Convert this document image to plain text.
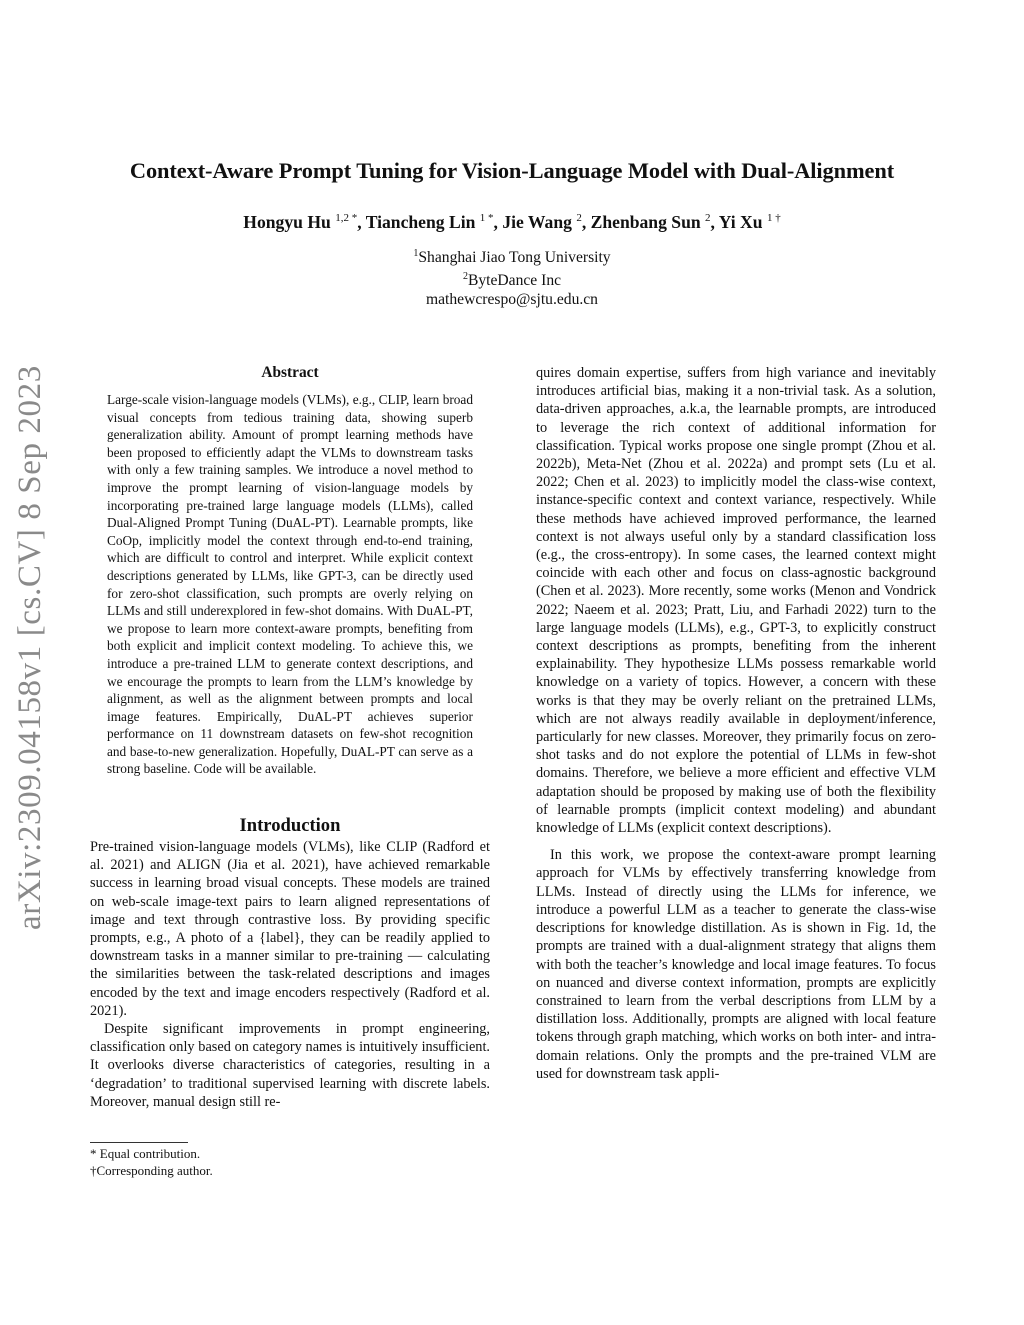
Context-Aware Prompt Tuning for Vision-Language Model with Dual-Alignment
Hongyu Hu $^{1,2 *}$, Tiancheng Lin $^{1 *}$, Jie Wang $^2$, Zhenbang Sun $^2$, Yi Xu $^{1 \dagger}$
$^1$Shanghai Jiao Tong University
$^2$ByteDance Inc
mathewcrespo@sjtu.edu.cn
arXiv:2309.04158v1 [cs.CV] 8 Sep 2023	Abstract

Large-scale vision-language models (VLMs), e.g., CLIP, learn broad visual concepts from tedious training data, showing superb generalization ability. Amount of prompt learning methods have been proposed to efficiently adapt the VLMs to downstream tasks with only a few training samples. We introduce a novel method to improve the prompt learning of vision-language models by incorporating pre-trained large language models (LLMs), called Dual-Aligned Prompt Tuning (DuAL-PT). Learnable prompts, like CoOp, implicitly model the context through end-to-end training, which are difficult to control and interpret. While explicit context descriptions generated by LLMs, like GPT-3, can be directly used for zero-shot classification, such prompts are overly relying on LLMs and still underexplored in few-shot domains. With DuAL-PT, we propose to learn more context-aware prompts, benefiting from both explicit and implicit context modeling. To achieve this, we introduce a pre-trained LLM to generate context descriptions, and we encourage the prompts to learn from the LLM’s knowledge by alignment, as well as the alignment between prompts and local image features. Empirically, DuAL-PT achieves superior performance on 11 downstream datasets on few-shot recognition and base-to-new generalization. Hopefully, DuAL-PT can serve as a strong baseline. Code will be available.

Introduction

Pre-trained vision-language models (VLMs), like CLIP (Radford et al. 2021) and ALIGN (Jia et al. 2021), have achieved remarkable success in learning broad visual concepts. These models are trained on web-scale image-text pairs to learn aligned representations of image and text through contrastive loss. By providing specific prompts, e.g., A photo of a {label}, they can be readily applied to downstream tasks in a manner similar to pre-training — calculating the similarities between the task-related descriptions and images encoded by the text and image encoders respectively (Radford et al. 2021).

Despite significant improvements in prompt engineering, classification only based on category names is intuitively insufficient. It overlooks diverse characteristics of categories, resulting in a ‘degradation’ to traditional supervised learning with discrete labels. Moreover, manual design still re-

quires domain expertise, suffers from high variance and inevitably introduces artificial bias, making it a non-trivial task. As a solution, data-driven approaches, a.k.a, the learnable prompts, are introduced to leverage the rich context of additional information for classification. Typical works propose one single prompt (Zhou et al. 2022b), Meta-Net (Zhou et al. 2022a) and prompt sets (Lu et al. 2022; Chen et al. 2023) to implicitly model the class-wise context, instance-specific context and context variance, respectively. While these methods have achieved improved performance, the learned context is not always useful only by a standard classification loss (e.g., the cross-entropy). In some cases, the learned context might coincide with each other and focus on class-agnostic background (Chen et al. 2023). More recently, some works (Menon and Vondrick 2022; Naeem et al. 2023; Pratt, Liu, and Farhadi 2022) turn to the large language models (LLMs), e.g., GPT-3, to explicitly construct context descriptions as prompts, benefiting from the inherent explainability. They hypothesize LLMs possess remarkable world knowledge on a variety of topics. However, a concern with these works is that they may be overly reliant on the pretrained LLMs, which are not always readily available in deployment/inference, particularly for new classes. Moreover, they primarily focus on zero-shot tasks and do not explore the potential of LLMs in few-shot domains. Therefore, we believe a more efficient and effective VLM adaptation should be proposed by making use of both the flexibility of learnable prompts (implicit context modeling) and abundant knowledge of LLMs (explicit context descriptions).

In this work, we propose the context-aware prompt learning approach for VLMs by effectively transferring knowledge from LLMs. Instead of directly using the LLMs for inference, we introduce a powerful LLM as a teacher to generate the class-wise descriptions for knowledge distillation. As is shown in Fig. 1d, the prompts are trained with a dual-alignment strategy that aligns them with both the teacher’s knowledge and local image features. To focus on nuanced and diverse context information, prompts are explicitly constrained to learn from the verbal descriptions from LLM by a distillation loss. Additionally, prompts are aligned with local feature tokens through graph matching, which works on both inter- and intra-domain relations. Only the prompts and the pre-trained VLM are used for downstream task appli-

* Equal contribution.
†Corresponding author.
